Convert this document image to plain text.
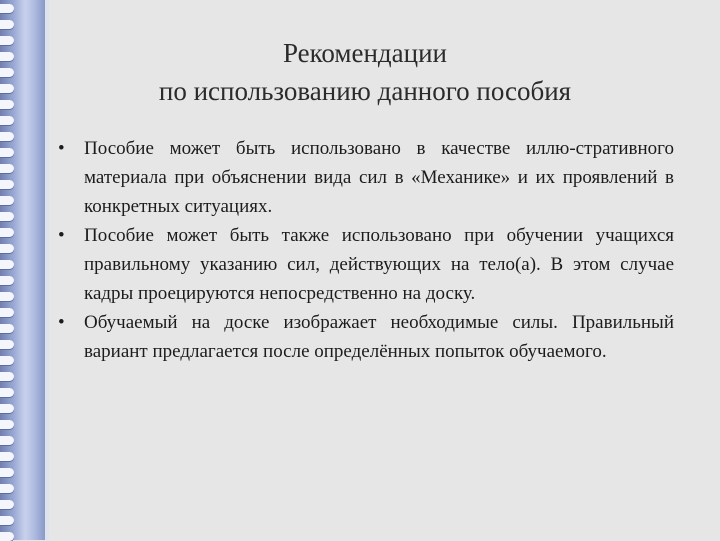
Рекомендации
по использованию данного пособия
• Пособие может быть использовано в качестве иллю-стративного материала при объяснении вида сил в «Механике» и их проявлений в конкретных ситуациях.
• Пособие может быть также использовано при обучении учащихся правильному указанию сил, действующих на тело(а). В этом случае кадры проецируются непосредственно на доску.
• Обучаемый на доске изображает необходимые силы. Правильный вариант предлагается после определённых попыток обучаемого.
